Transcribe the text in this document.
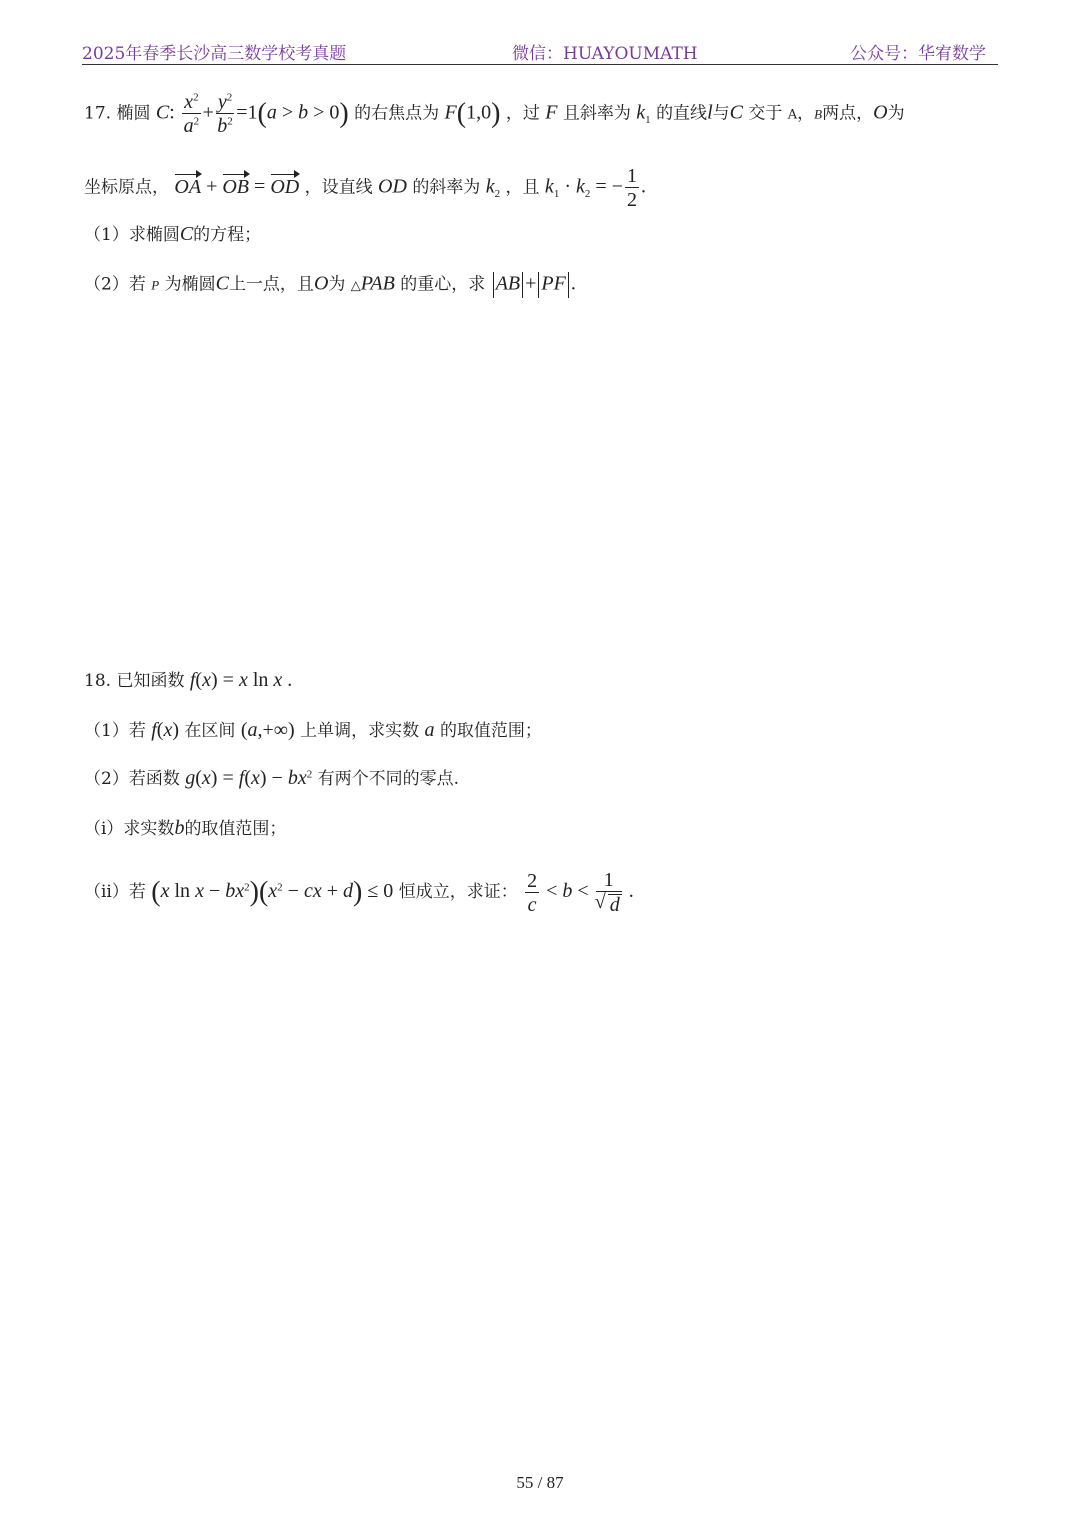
2025年春季长沙高三数学校考真题	微信：HUAYOUMATH	公众号：华宥数学
17. 椭圆 C: $\frac{x^2}{a^2} + \frac{y^2}{b^2} =1(a > b > 0)$ 的右焦点为 F(1,0) ，过 F 且斜率为 $k_1$ 的直线l与C 交于 A，B两点，O为
坐标原点， OA + OB = OD ，设直线 OD 的斜率为 $k_2$ ，且 $k_1 \cdot k_2$ = − $\frac{1}{2}$ .
（1）求椭圆C的方程；
（2）若 P 为椭圆C上一点，且O为 △PAB 的重心，求 AB + PF .
18. 已知函数 f(x) = x ln x .
（1）若 f(x) 在区间 (a,+∞) 上单调，求实数 a 的取值范围；
（2）若函数 $g(x) = f(x) - bx^2$ 有两个不同的零点.
（i）求实数b的取值范围；
（ii）若 (x $\ln x - bx^2)(x^2$ − cx + d) ≤ 0 恒成立，求证： $\frac{2}{c} < b < 1$
√ d .
55 / 87
